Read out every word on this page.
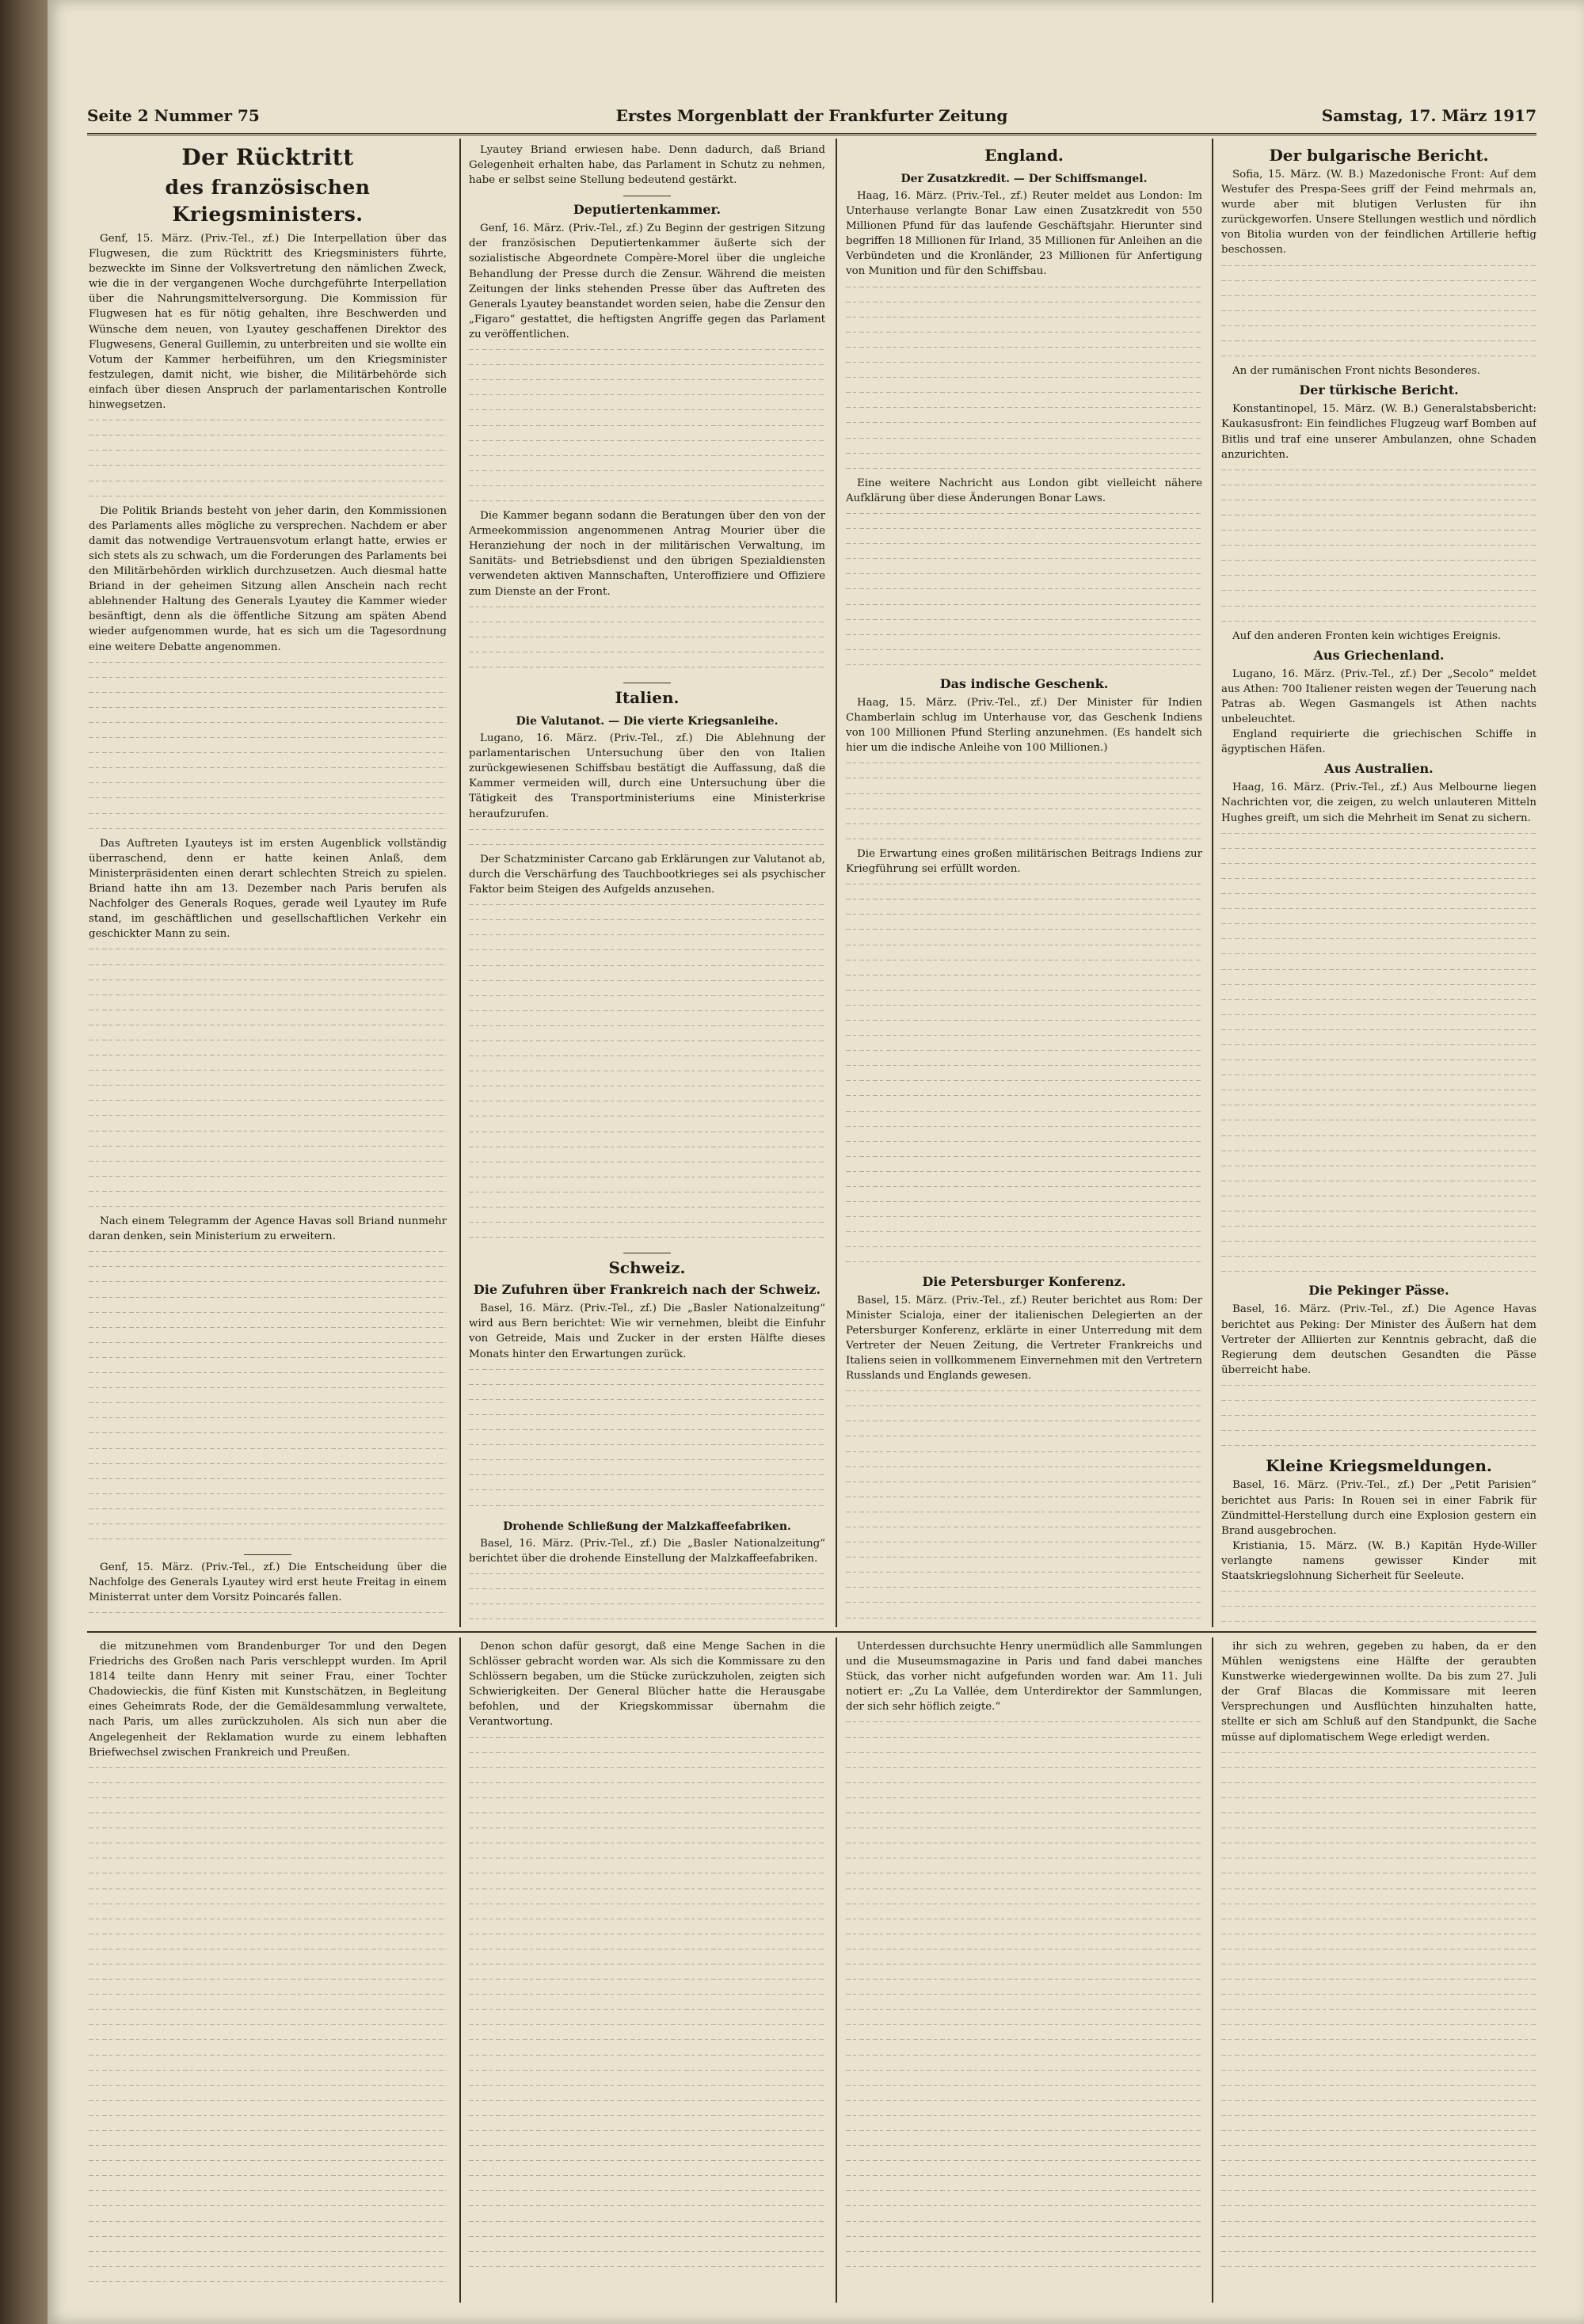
Seite 2 Nummer 75	Erstes Morgenblatt der Frankfurter Zeitung	Samstag, 17. März 1917
Der Rücktritt
des französischen Kriegsministers.

Genf, 15. März. (Priv.-Tel., zf.) Die Interpellation über das Flugwesen, die zum Rücktritt des Kriegsministers führte, bezweckte im Sinne der Volksvertretung den nämlichen Zweck, wie die in der vergangenen Woche durchgeführte Interpellation über die Nahrungsmittelversorgung. Die Kommission für Flugwesen hat es für nötig gehalten, ihre Beschwerden und Wünsche dem neuen, von Lyautey geschaffenen Direktor des Flugwesens, General Guillemin, zu unterbreiten und sie wollte ein Votum der Kammer herbeiführen, um den Kriegsminister festzulegen, damit nicht, wie bisher, die Militärbehörde sich einfach über diesen Anspruch der parlamentarischen Kontrolle hinwegsetzen.

Die Politik Briands besteht von jeher darin, den Kommissionen des Parlaments alles mögliche zu versprechen. Nachdem er aber damit das notwendige Vertrauensvotum erlangt hatte, erwies er sich stets als zu schwach, um die Forderungen des Parlaments bei den Militärbehörden wirklich durchzusetzen. Auch diesmal hatte Briand in der geheimen Sitzung allen Anschein nach recht ablehnender Haltung des Generals Lyautey die Kammer wieder besänftigt, denn als die öffentliche Sitzung am späten Abend wieder aufgenommen wurde, hat es sich um die Tagesordnung eine weitere Debatte angenommen.

Das Auftreten Lyauteys ist im ersten Augenblick vollständig überraschend, denn er hatte keinen Anlaß, dem Ministerpräsidenten einen derart schlechten Streich zu spielen. Briand hatte ihn am 13. Dezember nach Paris berufen als Nachfolger des Generals Roques, gerade weil Lyautey im Rufe stand, im geschäftlichen und gesellschaftlichen Verkehr ein geschickter Mann zu sein.

Nach einem Telegramm der Agence Havas soll Briand nunmehr daran denken, sein Ministerium zu erweitern.

Genf, 15. März. (Priv.-Tel., zf.) Die Entscheidung über die Nachfolge des Generals Lyautey wird erst heute Freitag in einem Ministerrat unter dem Vorsitz Poincarés fallen.

Lyautey Briand erwiesen habe. Denn dadurch, daß Briand Gelegenheit erhalten habe, das Parlament in Schutz zu nehmen, habe er selbst seine Stellung bedeutend gestärkt.

Deputiertenkammer.

Genf, 16. März. (Priv.-Tel., zf.) Zu Beginn der gestrigen Sitzung der französischen Deputiertenkammer äußerte sich der sozialistische Abgeordnete Compère-Morel über die ungleiche Behandlung der Presse durch die Zensur. Während die meisten Zeitungen der links stehenden Presse über das Auftreten des Generals Lyautey beanstandet worden seien, habe die Zensur den „Figaro“ gestattet, die heftigsten Angriffe gegen das Parlament zu veröffentlichen.

Die Kammer begann sodann die Beratungen über den von der Armeekommission angenommenen Antrag Mourier über die Heranziehung der noch in der militärischen Verwaltung, im Sanitäts- und Betriebsdienst und den übrigen Spezialdiensten verwendeten aktiven Mannschaften, Unteroffiziere und Offiziere zum Dienste an der Front.

Italien.
Die Valutanot. — Die vierte Kriegsanleihe.

Lugano, 16. März. (Priv.-Tel., zf.) Die Ablehnung der parlamentarischen Untersuchung über den von Italien zurückgewiesenen Schiffsbau bestätigt die Auffassung, daß die Kammer vermeiden will, durch eine Untersuchung über die Tätigkeit des Transportministeriums eine Ministerkrise heraufzurufen.

Der Schatzminister Carcano gab Erklärungen zur Valutanot ab, durch die Verschärfung des Tauchbootkrieges sei als psychischer Faktor beim Steigen des Aufgelds anzusehen.

Schweiz.
Die Zufuhren über Frankreich nach der Schweiz.

Basel, 16. März. (Priv.-Tel., zf.) Die „Basler Nationalzeitung“ wird aus Bern berichtet: Wie wir vernehmen, bleibt die Einfuhr von Getreide, Mais und Zucker in der ersten Hälfte dieses Monats hinter den Erwartungen zurück.

Drohende Schließung der Malzkaffeefabriken.

Basel, 16. März. (Priv.-Tel., zf.) Die „Basler Nationalzeitung“ berichtet über die drohende Einstellung der Malzkaffeefabriken.

England.
Der Zusatzkredit. — Der Schiffsmangel.

Haag, 16. März. (Priv.-Tel., zf.) Reuter meldet aus London: Im Unterhause verlangte Bonar Law einen Zusatzkredit von 550 Millionen Pfund für das laufende Geschäftsjahr. Hierunter sind begriffen 18 Millionen für Irland, 35 Millionen für Anleihen an die Verbündeten und die Kronländer, 23 Millionen für Anfertigung von Munition und für den Schiffsbau.

Eine weitere Nachricht aus London gibt vielleicht nähere Aufklärung über diese Änderungen Bonar Laws.

Das indische Geschenk.

Haag, 15. März. (Priv.-Tel., zf.) Der Minister für Indien Chamberlain schlug im Unterhause vor, das Geschenk Indiens von 100 Millionen Pfund Sterling anzunehmen. (Es handelt sich hier um die indische Anleihe von 100 Millionen.)

Die Erwartung eines großen militärischen Beitrags Indiens zur Kriegführung sei erfüllt worden.

Die Petersburger Konferenz.

Basel, 15. März. (Priv.-Tel., zf.) Reuter berichtet aus Rom: Der Minister Scialoja, einer der italienischen Delegierten an der Petersburger Konferenz, erklärte in einer Unterredung mit dem Vertreter der Neuen Zeitung, die Vertreter Frankreichs und Italiens seien in vollkommenem Einvernehmen mit den Vertretern Russlands und Englands gewesen.

Der bulgarische Bericht.

Sofia, 15. März. (W. B.) Mazedonische Front: Auf dem Westufer des Prespa-Sees griff der Feind mehrmals an, wurde aber mit blutigen Verlusten für ihn zurückgeworfen. Unsere Stellungen westlich und nördlich von Bitolia wurden von der feindlichen Artillerie heftig beschossen.

An der rumänischen Front nichts Besonderes.

Der türkische Bericht.

Konstantinopel, 15. März. (W. B.) Generalstabsbericht: Kaukasusfront: Ein feindliches Flugzeug warf Bomben auf Bitlis und traf eine unserer Ambulanzen, ohne Schaden anzurichten.

Auf den anderen Fronten kein wichtiges Ereignis.

Aus Griechenland.

Lugano, 16. März. (Priv.-Tel., zf.) Der „Secolo“ meldet aus Athen: 700 Italiener reisten wegen der Teuerung nach Patras ab. Wegen Gasmangels ist Athen nachts unbeleuchtet.

England requirierte die griechischen Schiffe in ägyptischen Häfen.

Aus Australien.

Haag, 16. März. (Priv.-Tel., zf.) Aus Melbourne liegen Nachrichten vor, die zeigen, zu welch unlauteren Mitteln Hughes greift, um sich die Mehrheit im Senat zu sichern.

Die Pekinger Pässe.

Basel, 16. März. (Priv.-Tel., zf.) Die Agence Havas berichtet aus Peking: Der Minister des Äußern hat dem Vertreter der Alliierten zur Kenntnis gebracht, daß die Regierung dem deutschen Gesandten die Pässe überreicht habe.

Kleine Kriegsmeldungen.

Basel, 16. März. (Priv.-Tel., zf.) Der „Petit Parisien“ berichtet aus Paris: In Rouen sei in einer Fabrik für Zündmittel-Herstellung durch eine Explosion gestern ein Brand ausgebrochen.

Kristiania, 15. März. (W. B.) Kapitän Hyde-Willer verlangte namens gewisser Kinder mit Staatskriegslohnung Sicherheit für Seeleute.

die mitzunehmen vom Brandenburger Tor und den Degen Friedrichs des Großen nach Paris verschleppt wurden. Im April 1814 teilte dann Henry mit seiner Frau, einer Tochter Chadowieckis, die fünf Kisten mit Kunstschätzen, in Begleitung eines Geheimrats Rode, der die Gemäldesammlung verwaltete, nach Paris, um alles zurückzuholen. Als sich nun aber die Angelegenheit der Reklamation wurde zu einem lebhaften Briefwechsel zwischen Frankreich und Preußen.

Denon schon dafür gesorgt, daß eine Menge Sachen in die Schlösser gebracht worden war. Als sich die Kommissare zu den Schlössern begaben, um die Stücke zurückzuholen, zeigten sich Schwierigkeiten. Der General Blücher hatte die Herausgabe befohlen, und der Kriegskommissar übernahm die Verantwortung.

Unterdessen durchsuchte Henry unermüdlich alle Sammlungen und die Museumsmagazine in Paris und fand dabei manches Stück, das vorher nicht aufgefunden worden war. Am 11. Juli notiert er: „Zu La Vallée, dem Unterdirektor der Sammlungen, der sich sehr höflich zeigte.“

ihr sich zu wehren, gegeben zu haben, da er den Mühlen wenigstens eine Hälfte der geraubten Kunstwerke wiedergewinnen wollte. Da bis zum 27. Juli der Graf Blacas die Kommissare mit leeren Versprechungen und Ausflüchten hinzuhalten hatte, stellte er sich am Schluß auf den Standpunkt, die Sache müsse auf diplomatischem Wege erledigt werden.
